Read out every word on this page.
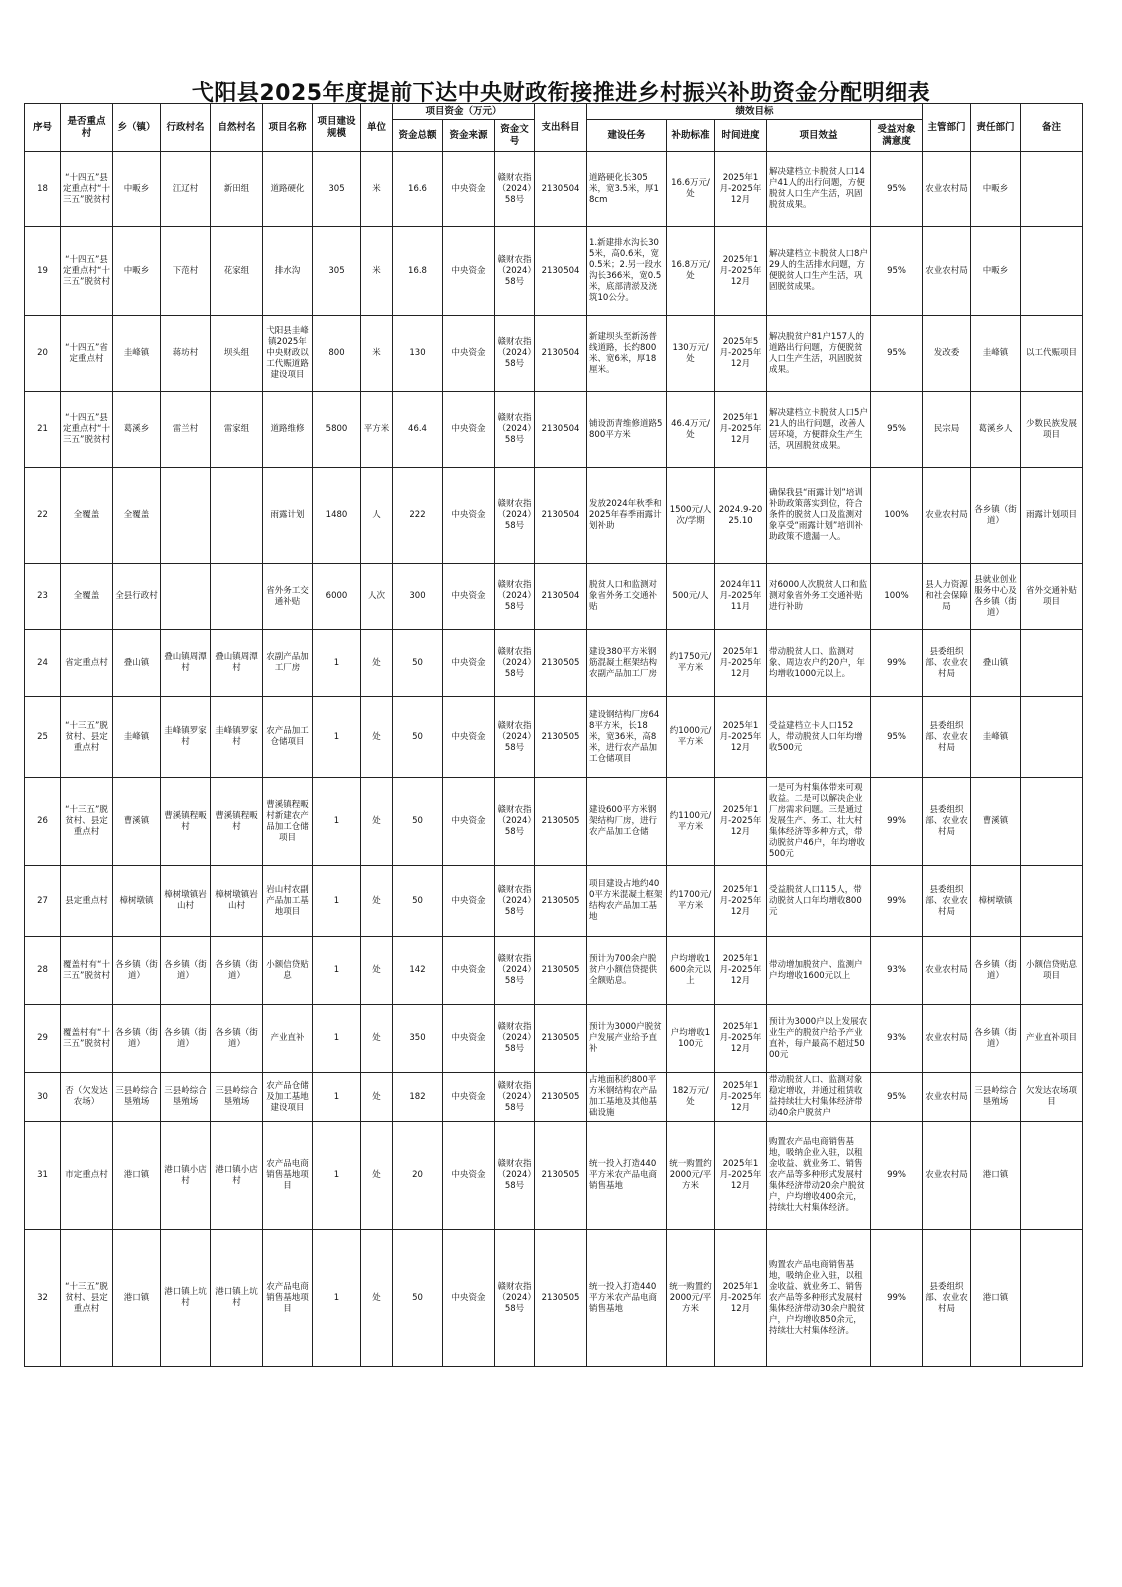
弋阳县2025年度提前下达中央财政衔接推进乡村振兴补助资金分配明细表
序号	是否重点村	乡（镇）	行政村名	自然村名	项目名称	项目建设规模	单位	项目资金（万元）			支出科目	绩效目标					主管部门	责任部门	备注
								资金总额	资金来源	资金文号		建设任务	补助标准	时间进度	项目效益	受益对象满意度			
18	“十四五”县定重点村“十三五”脱贫村	中畈乡	江辽村	新田组	道路硬化	305	米	16.6	中央资金	赣财农指（2024）58号	2130504	道路硬化长305米，宽3.5米，厚18cm	16.6万元/处	2025年1月-2025年12月	解决建档立卡脱贫人口14户41人的出行问题，方便脱贫人口生产生活，巩固脱贫成果。	95%	农业农村局	中畈乡	
19	“十四五”县定重点村“十三五”脱贫村	中畈乡	下范村	花家组	排水沟	305	米	16.8	中央资金	赣财农指（2024）58号	2130504	1.新建排水沟长305米，高0.6米，宽0.5米；2.另一段水沟长366米，宽0.5米，底部清淤及浇筑10公分。	16.8万元/处	2025年1月-2025年12月	解决建档立卡脱贫人口8户29人的生活排水问题，方便脱贫人口生产生活，巩固脱贫成果。	95%	农业农村局	中畈乡	
20	“十四五”省定重点村	圭峰镇	蒋坊村	坝头组	弋阳县圭峰镇2025年中央财政以工代赈道路建设项目	800	米	130	中央资金	赣财农指（2024）58号	2130504	新建坝头至新汤普线道路，长约800米、宽6米，厚18厘米。	130万元/处	2025年5月-2025年12月	解决脱贫户81户157人的道路出行问题，方便脱贫人口生产生活，巩固脱贫成果。	95%	发改委	圭峰镇	以工代赈项目
21	“十四五”县定重点村“十三五”脱贫村	葛溪乡	雷兰村	雷家组	道路维修	5800	平方米	46.4	中央资金	赣财农指（2024）58号	2130504	铺设沥青维修道路5800平方米	46.4万元/处	2025年1月-2025年12月	解决建档立卡脱贫人口5户21人的出行问题，改善人居环境，方便群众生产生活，巩固脱贫成果。	95%	民宗局	葛溪乡人	少数民族发展项目
22	全覆盖	全覆盖			雨露计划	1480	人	222	中央资金	赣财农指（2024）58号	2130504	发放2024年秋季和2025年春季雨露计划补助	1500元/人次/学期	2024.9-2025.10	确保我县“雨露计划”培训补助政策落实到位，符合条件的脱贫人口及监测对象享受“雨露计划”培训补助政策不遗漏一人。	100%	农业农村局	各乡镇（街道）	雨露计划项目
23	全覆盖	全县行政村			省外务工交通补贴	6000	人次	300	中央资金	赣财农指（2024）58号	2130504	脱贫人口和监测对象省外务工交通补贴	500元/人	2024年11月-2025年11月	对6000人次脱贫人口和监测对象省外务工交通补贴进行补助	100%	县人力资源和社会保障局	县就业创业服务中心及各乡镇（街道）	省外交通补贴项目
24	省定重点村	叠山镇	叠山镇周潭村	叠山镇周潭村	农副产品加工厂房	1	处	50	中央资金	赣财农指（2024）58号	2130505	建设380平方米钢筋混凝土框架结构农副产品加工厂房	约1750元/平方米	2025年1月-2025年12月	带动脱贫人口、监测对象、周边农户约20户，年均增收1000元以上。	99%	县委组织部、农业农村局	叠山镇	
25	“十三五”脱贫村、县定重点村	圭峰镇	圭峰镇罗家村	圭峰镇罗家村	农产品加工仓储项目	1	处	50	中央资金	赣财农指（2024）58号	2130505	建设钢结构厂房648平方米，长18米，宽36米，高8米，进行农产品加工仓储项目	约1000元/平方米	2025年1月-2025年12月	受益建档立卡人口152人，带动脱贫人口年均增收500元	95%	县委组织部、农业农村局	圭峰镇	
26	“十三五”脱贫村、县定重点村	曹溪镇	曹溪镇程畈村	曹溪镇程畈村	曹溪镇程畈村新建农产品加工仓储项目	1	处	50	中央资金	赣财农指（2024）58号	2130505	建设600平方米钢架结构厂房，进行农产品加工仓储	约1100元/平方米	2025年1月-2025年12月	一是可为村集体带来可观收益。二是可以解决企业厂房需求问题。三是通过发展生产、务工、壮大村集体经济等多种方式，带动脱贫户46户，年均增收500元	99%	县委组织部、农业农村局	曹溪镇	
27	县定重点村	樟树墩镇	樟树墩镇岩山村	樟树墩镇岩山村	岩山村农副产品加工基地项目	1	处	50	中央资金	赣财农指（2024）58号	2130505	项目建设占地约400平方米混凝土框架结构农产品加工基地	约1700元/平方米	2025年1月-2025年12月	受益脱贫人口115人，带动脱贫人口年均增收800元	99%	县委组织部、农业农村局	樟树墩镇	
28	覆盖村有“十三五”脱贫村	各乡镇（街道）	各乡镇（街道）	各乡镇（街道）	小额信贷贴息	1	处	142	中央资金	赣财农指（2024）58号	2130505	预计为700余户脱贫户小额信贷提供全额贴息。	户均增收1600余元以上	2025年1月-2025年12月	带动增加脱贫户、监测户户均增收1600元以上	93%	农业农村局	各乡镇（街道）	小额信贷贴息项目
29	覆盖村有“十三五”脱贫村	各乡镇（街道）	各乡镇（街道）	各乡镇（街道）	产业直补	1	处	350	中央资金	赣财农指（2024）58号	2130505	预计为3000户脱贫户发展产业给予直补	户均增收1100元	2025年1月-2025年12月	预计为3000户以上发展农业生产的脱贫户给予产业直补，每户最高不超过5000元	93%	农业农村局	各乡镇（街道）	产业直补项目
30	否（欠发达农场）	三县岭综合垦殖场	三县岭综合垦殖场	三县岭综合垦殖场	农产品仓储及加工基地建设项目	1	处	182	中央资金	赣财农指（2024）58号	2130505	占地面积约800平方米钢结构农产品加工基地及其他基础设施	182万元/处	2025年1月-2025年12月	带动脱贫人口、监测对象稳定增收，并通过租赁收益持续壮大村集体经济带动40余户脱贫户	95%	农业农村局	三县岭综合垦殖场	欠发达农场项目
31	市定重点村	港口镇	港口镇小店村	港口镇小店村	农产品电商销售基地项目	1	处	20	中央资金	赣财农指（2024）58号	2130505	统一投入打造440平方米农产品电商销售基地	统一购置约2000元/平方米	2025年1月-2025年12月	购置农产品电商销售基地，吸纳企业入驻，以租金收益、就业务工、销售农产品等多种形式发展村集体经济带动20余户脱贫户，户均增收400余元，持续壮大村集体经济。	99%	农业农村局	港口镇	
32	“十三五”脱贫村、县定重点村	港口镇	港口镇上坑村	港口镇上坑村	农产品电商销售基地项目	1	处	50	中央资金	赣财农指（2024）58号	2130505	统一投入打造440平方米农产品电商销售基地	统一购置约2000元/平方米	2025年1月-2025年12月	购置农产品电商销售基地，吸纳企业入驻，以租金收益、就业务工、销售农产品等多种形式发展村集体经济带动30余户脱贫户，户均增收850余元，持续壮大村集体经济。	99%	县委组织部、农业农村局	港口镇	
